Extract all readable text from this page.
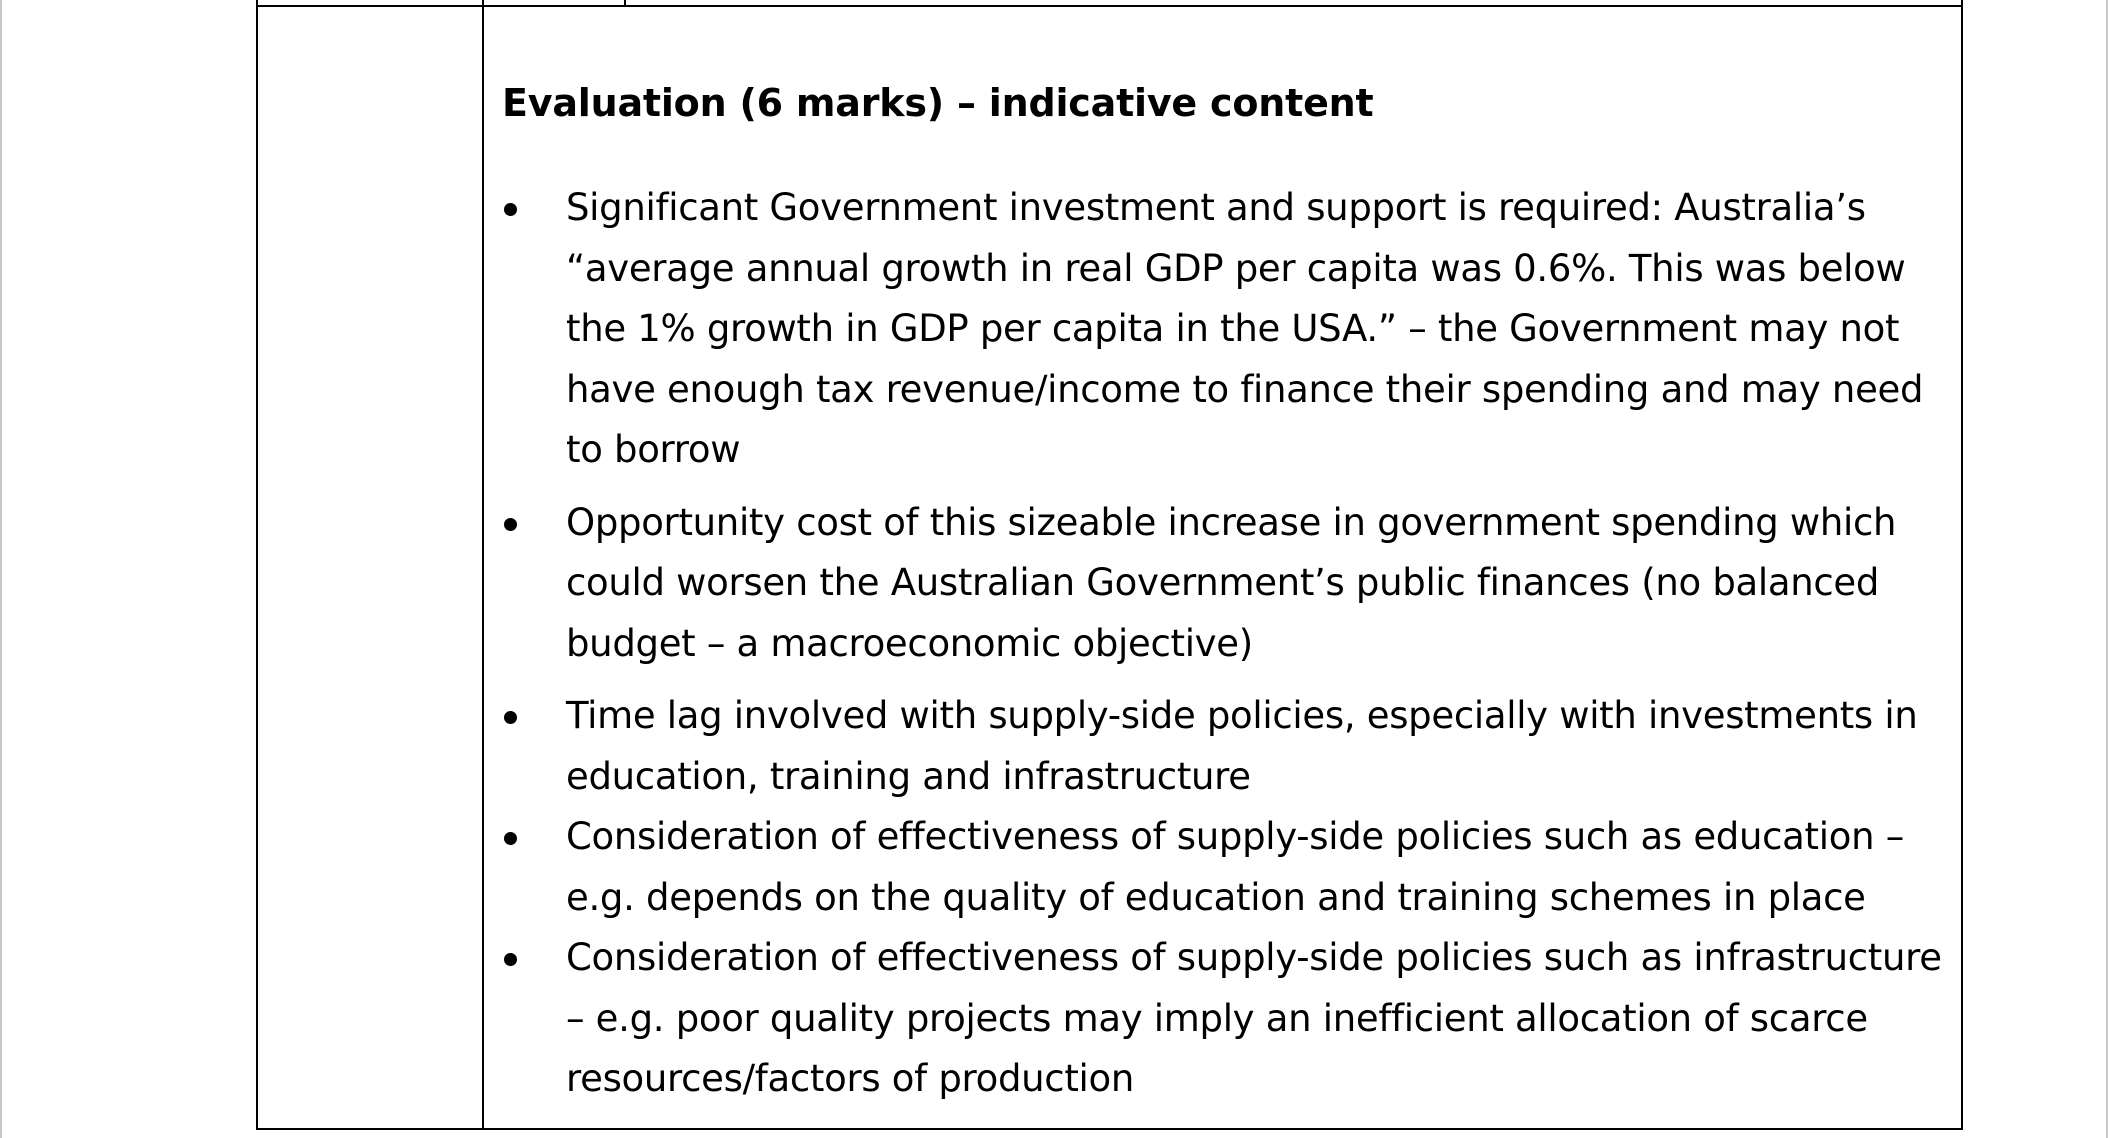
Evaluation (6 marks) – indicative content
Significant Government investment and support is required: Australia’s “average annual growth in real GDP per capita was 0.6%. This was below the 1% growth in GDP per capita in the USA.” – the Government may not have enough tax revenue/income to finance their spending and may need to borrow
Opportunity cost of this sizeable increase in government spending which could worsen the Australian Government’s public finances (no balanced budget – a macroeconomic objective)
Time lag involved with supply-side policies, especially with investments in education, training and infrastructure
Consideration of effectiveness of supply-side policies such as education – e.g. depends on the quality of education and training schemes in place
Consideration of effectiveness of supply-side policies such as infrastructure – e.g. poor quality projects may imply an inefficient allocation of scarce resources/factors of production
